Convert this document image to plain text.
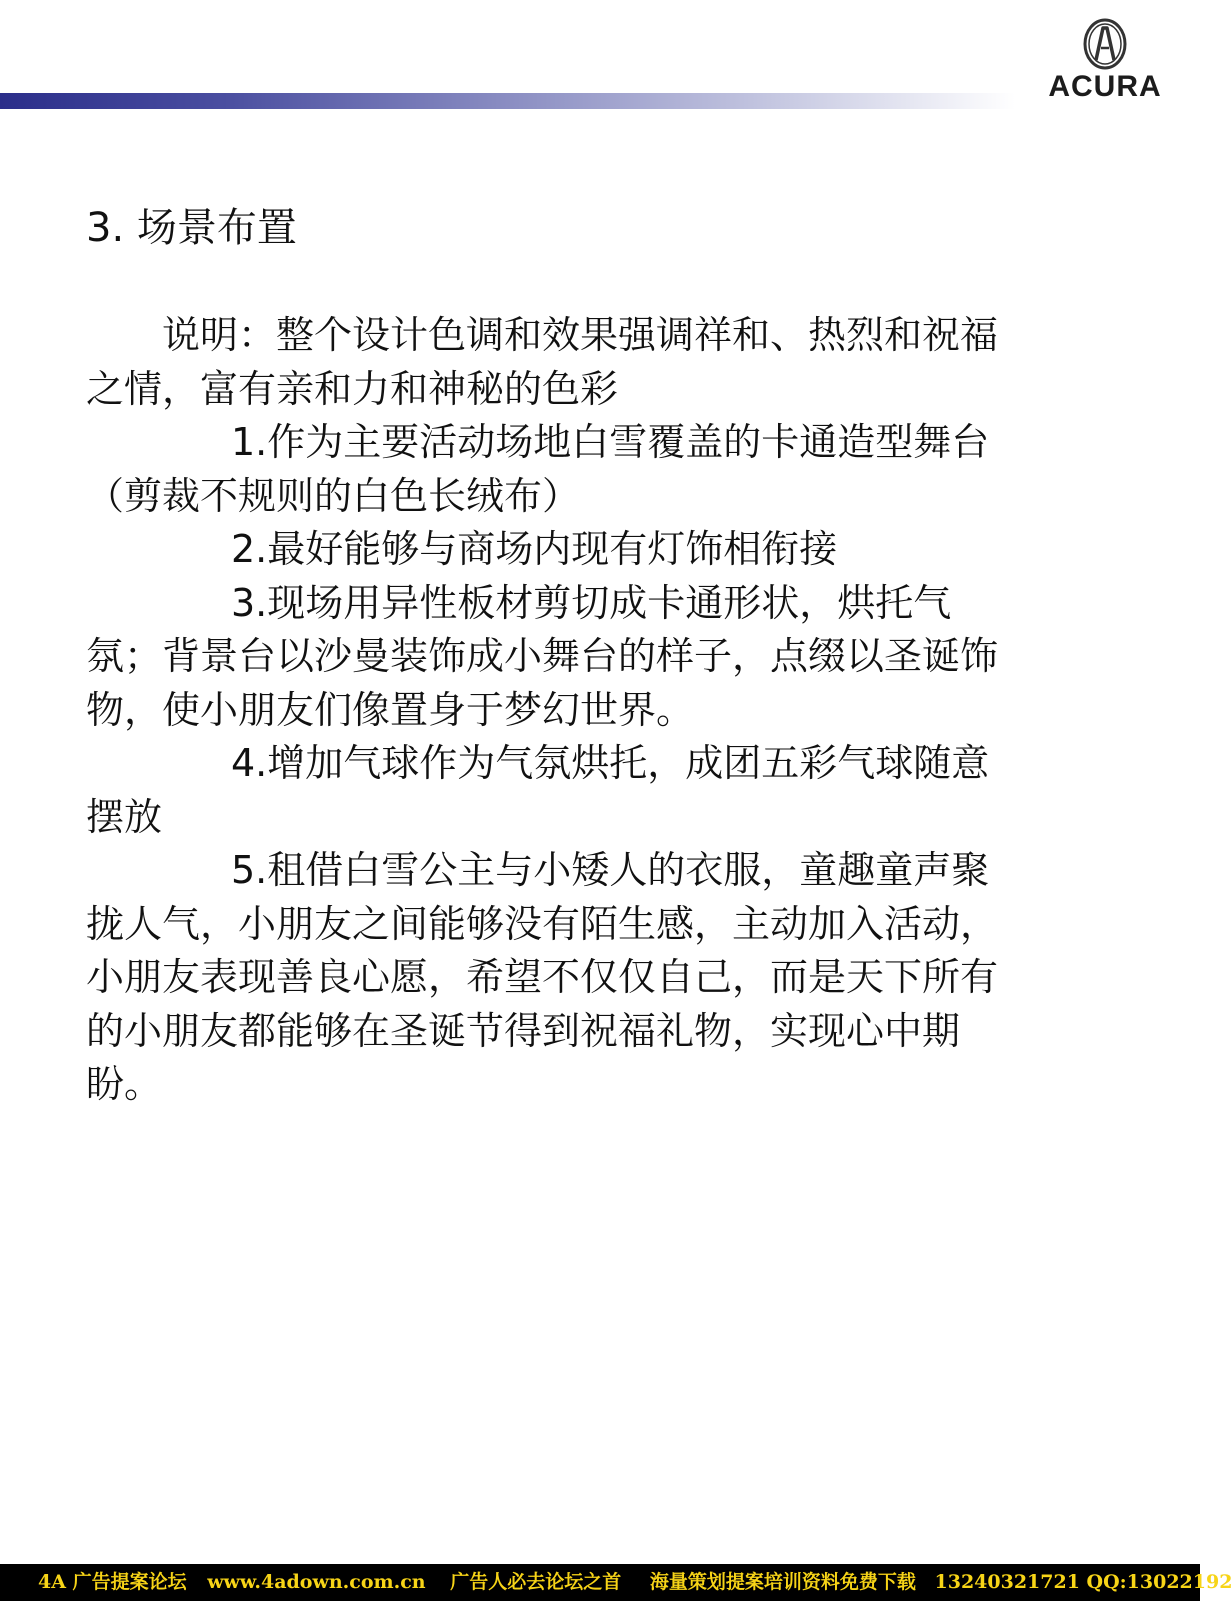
ACURA
3. 场景布置

说明：整个设计色调和效果强调祥和、热烈和祝福之情，富有亲和力和神秘的色彩

1.作为主要活动场地白雪覆盖的卡通造型舞台（剪裁不规则的白色长绒布）

2.最好能够与商场内现有灯饰相衔接

3.现场用异性板材剪切成卡通形状，烘托气氛；背景台以沙曼装饰成小舞台的样子，点缀以圣诞饰物，使小朋友们像置身于梦幻世界。

4.增加气球作为气氛烘托，成团五彩气球随意摆放

5.租借白雪公主与小矮人的衣服，童趣童声聚拢人气，小朋友之间能够没有陌生感，主动加入活动，小朋友表现善良心愿，希望不仅仅自己，而是天下所有的小朋友都能够在圣诞节得到祝福礼物，实现心中期盼。

4A 广告提案论坛 www.4adown.com.cn 广告人必去论坛之首 海量策划提案培训资料免费下载 13240321721 QQ:13022192
